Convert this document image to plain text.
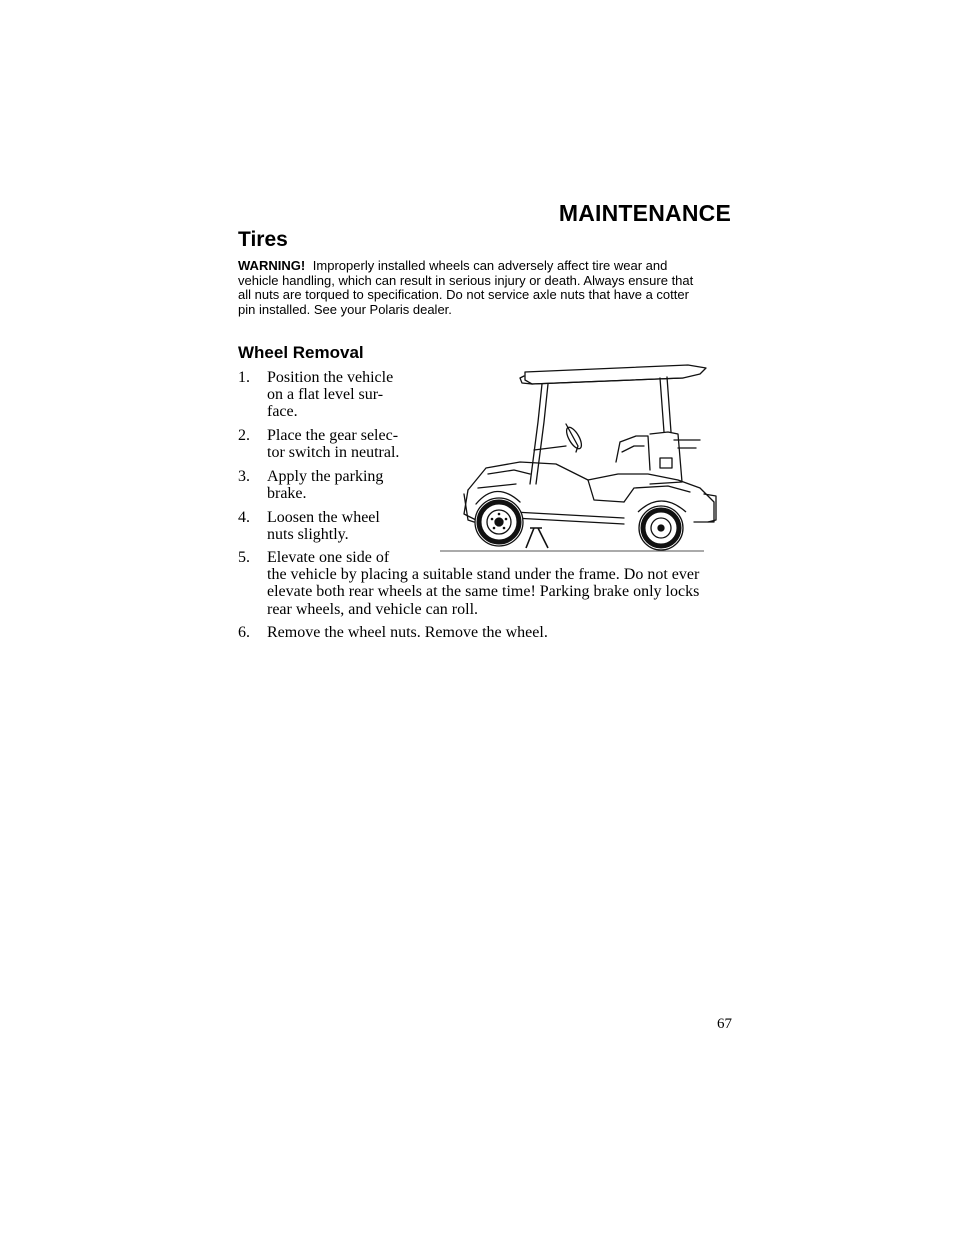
MAINTENANCE
Tires
WARNING! Improperly installed wheels can adversely affect tire wear and
vehicle handling, which can result in serious injury or death. Always ensure that
all nuts are torqued to specification. Do not service axle nuts that have a cotter
pin installed. See your Polaris dealer.
Wheel Removal
1.	Position the vehicle
on a flat level sur-
face.
2.	Place the gear selec-
tor switch in neutral.
3.	Apply the parking
brake.
4.	Loosen the wheel
nuts slightly.
5.	Elevate one side of
the vehicle by placing a suitable stand under the frame. Do not ever
elevate both rear wheels at the same time! Parking brake only locks
rear wheels, and vehicle can roll.
6.	Remove the wheel nuts. Remove the wheel.
67
